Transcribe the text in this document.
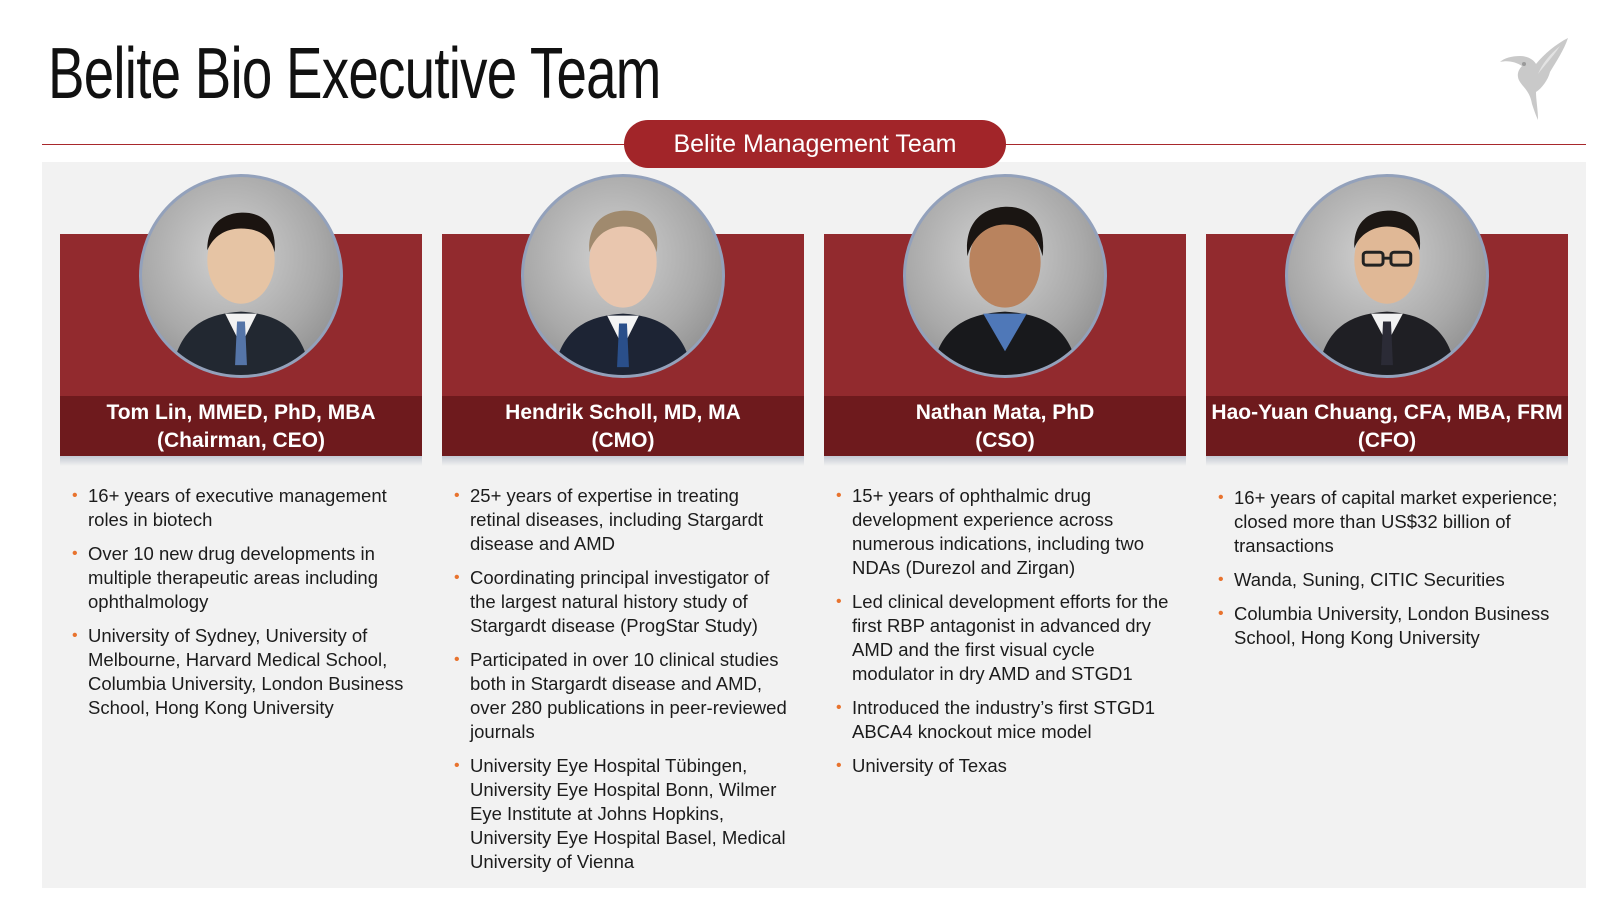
Belite Bio Executive Team
Belite Management Team
Tom Lin, MMED, PhD, MBA
(Chairman, CEO)
• 16+ years of executive management roles in biotech
• Over 10 new drug developments in multiple therapeutic areas including ophthalmology
• University of Sydney, University of Melbourne, Harvard Medical School, Columbia University, London Business School, Hong Kong University
Hendrik Scholl, MD, MA
(CMO)
• 25+ years of expertise in treating retinal diseases, including Stargardt disease and AMD
• Coordinating principal investigator of the largest natural history study of Stargardt disease (ProgStar Study)
• Participated in over 10 clinical studies both in Stargardt disease and AMD, over 280 publications in peer-reviewed journals
• University Eye Hospital Tübingen, University Eye Hospital Bonn, Wilmer Eye Institute at Johns Hopkins, University Eye Hospital Basel, Medical University of Vienna
Nathan Mata, PhD
(CSO)
• 15+ years of ophthalmic drug development experience across numerous indications, including two NDAs (Durezol and Zirgan)
• Led clinical development efforts for the first RBP antagonist in advanced dry AMD and the first visual cycle modulator in dry AMD and STGD1
• Introduced the industry’s first STGD1 ABCA4 knockout mice model
• University of Texas
Hao-Yuan Chuang, CFA, MBA, FRM
(CFO)
• 16+ years of capital market experience; closed more than US$32 billion of transactions
• Wanda, Suning, CITIC Securities
• Columbia University, London Business School, Hong Kong University
